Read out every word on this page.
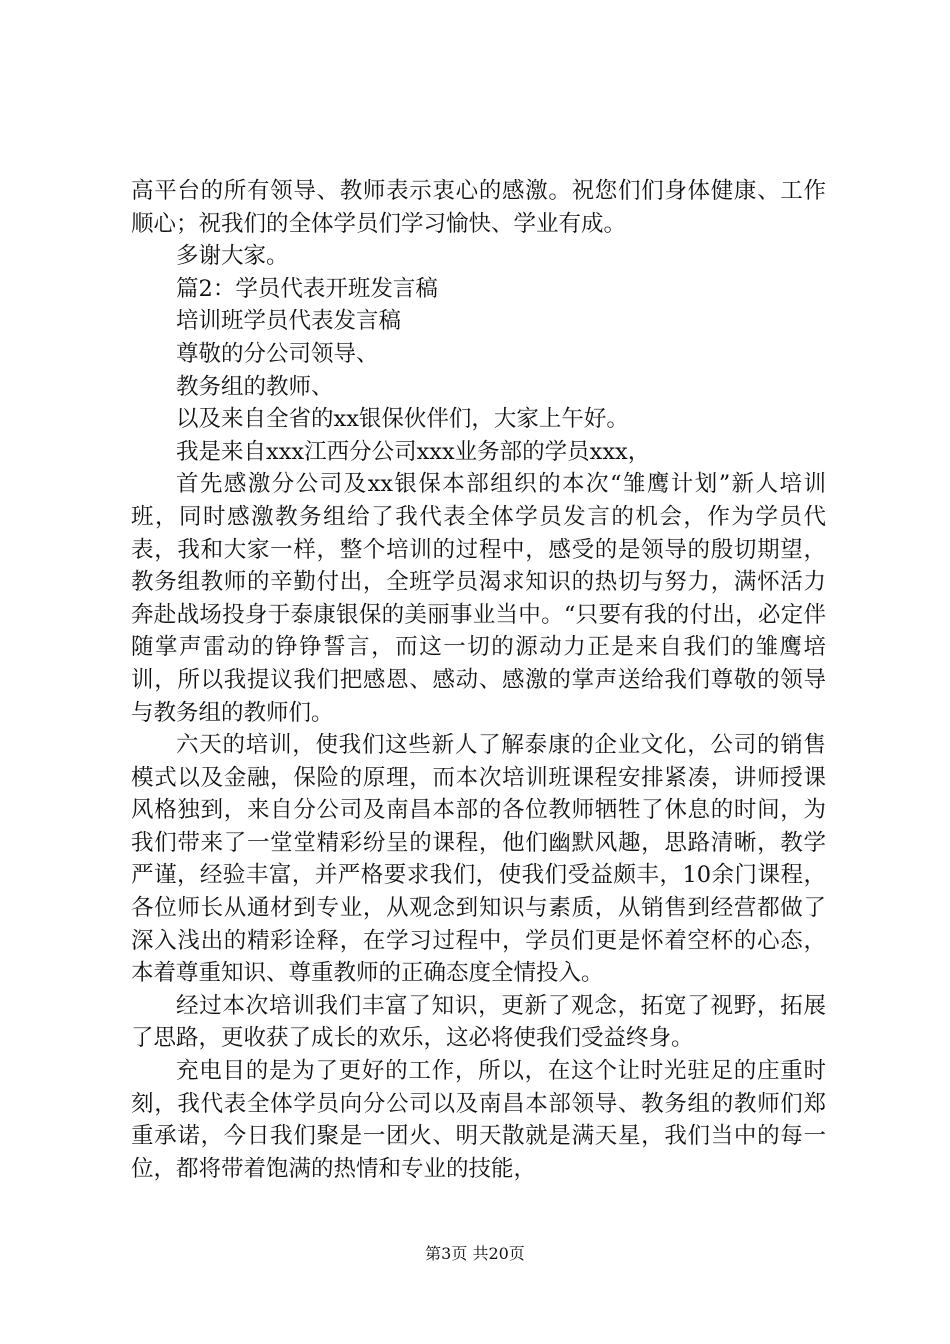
高平台的所有领导、教师表示衷心的感激。祝您们们身体健康、工作顺心；祝我们的全体学员们学习愉快、学业有成。

多谢大家。

篇2：学员代表开班发言稿

培训班学员代表发言稿

尊敬的分公司领导、

教务组的教师、

以及来自全省的xx银保伙伴们，大家上午好。

我是来自xxx江西分公司xxx业务部的学员xxx，

首先感激分公司及xx银保本部组织的本次“雏鹰计划”新人培训班，同时感激教务组给了我代表全体学员发言的机会，作为学员代表，我和大家一样，整个培训的过程中，感受的是领导的殷切期望，教务组教师的辛勤付出，全班学员渴求知识的热切与努力，满怀活力奔赴战场投身于泰康银保的美丽事业当中。“只要有我的付出，必定伴随掌声雷动的铮铮誓言，而这一切的源动力正是来自我们的雏鹰培训，所以我提议我们把感恩、感动、感激的掌声送给我们尊敬的领导与教务组的教师们。

六天的培训，使我们这些新人了解泰康的企业文化，公司的销售模式以及金融，保险的原理，而本次培训班课程安排紧凑，讲师授课风格独到，来自分公司及南昌本部的各位教师牺牲了休息的时间，为我们带来了一堂堂精彩纷呈的课程，他们幽默风趣，思路清晰，教学严谨，经验丰富，并严格要求我们，使我们受益颇丰，10余门课程，各位师长从通材到专业，从观念到知识与素质，从销售到经营都做了深入浅出的精彩诠释，在学习过程中，学员们更是怀着空杯的心态，本着尊重知识、尊重教师的正确态度全情投入。

经过本次培训我们丰富了知识，更新了观念，拓宽了视野，拓展了思路，更收获了成长的欢乐，这必将使我们受益终身。

充电目的是为了更好的工作，所以，在这个让时光驻足的庄重时刻，我代表全体学员向分公司以及南昌本部领导、教务组的教师们郑重承诺，今日我们聚是一团火、明天散就是满天星，我们当中的每一位，都将带着饱满的热情和专业的技能，

第3页 共20页
